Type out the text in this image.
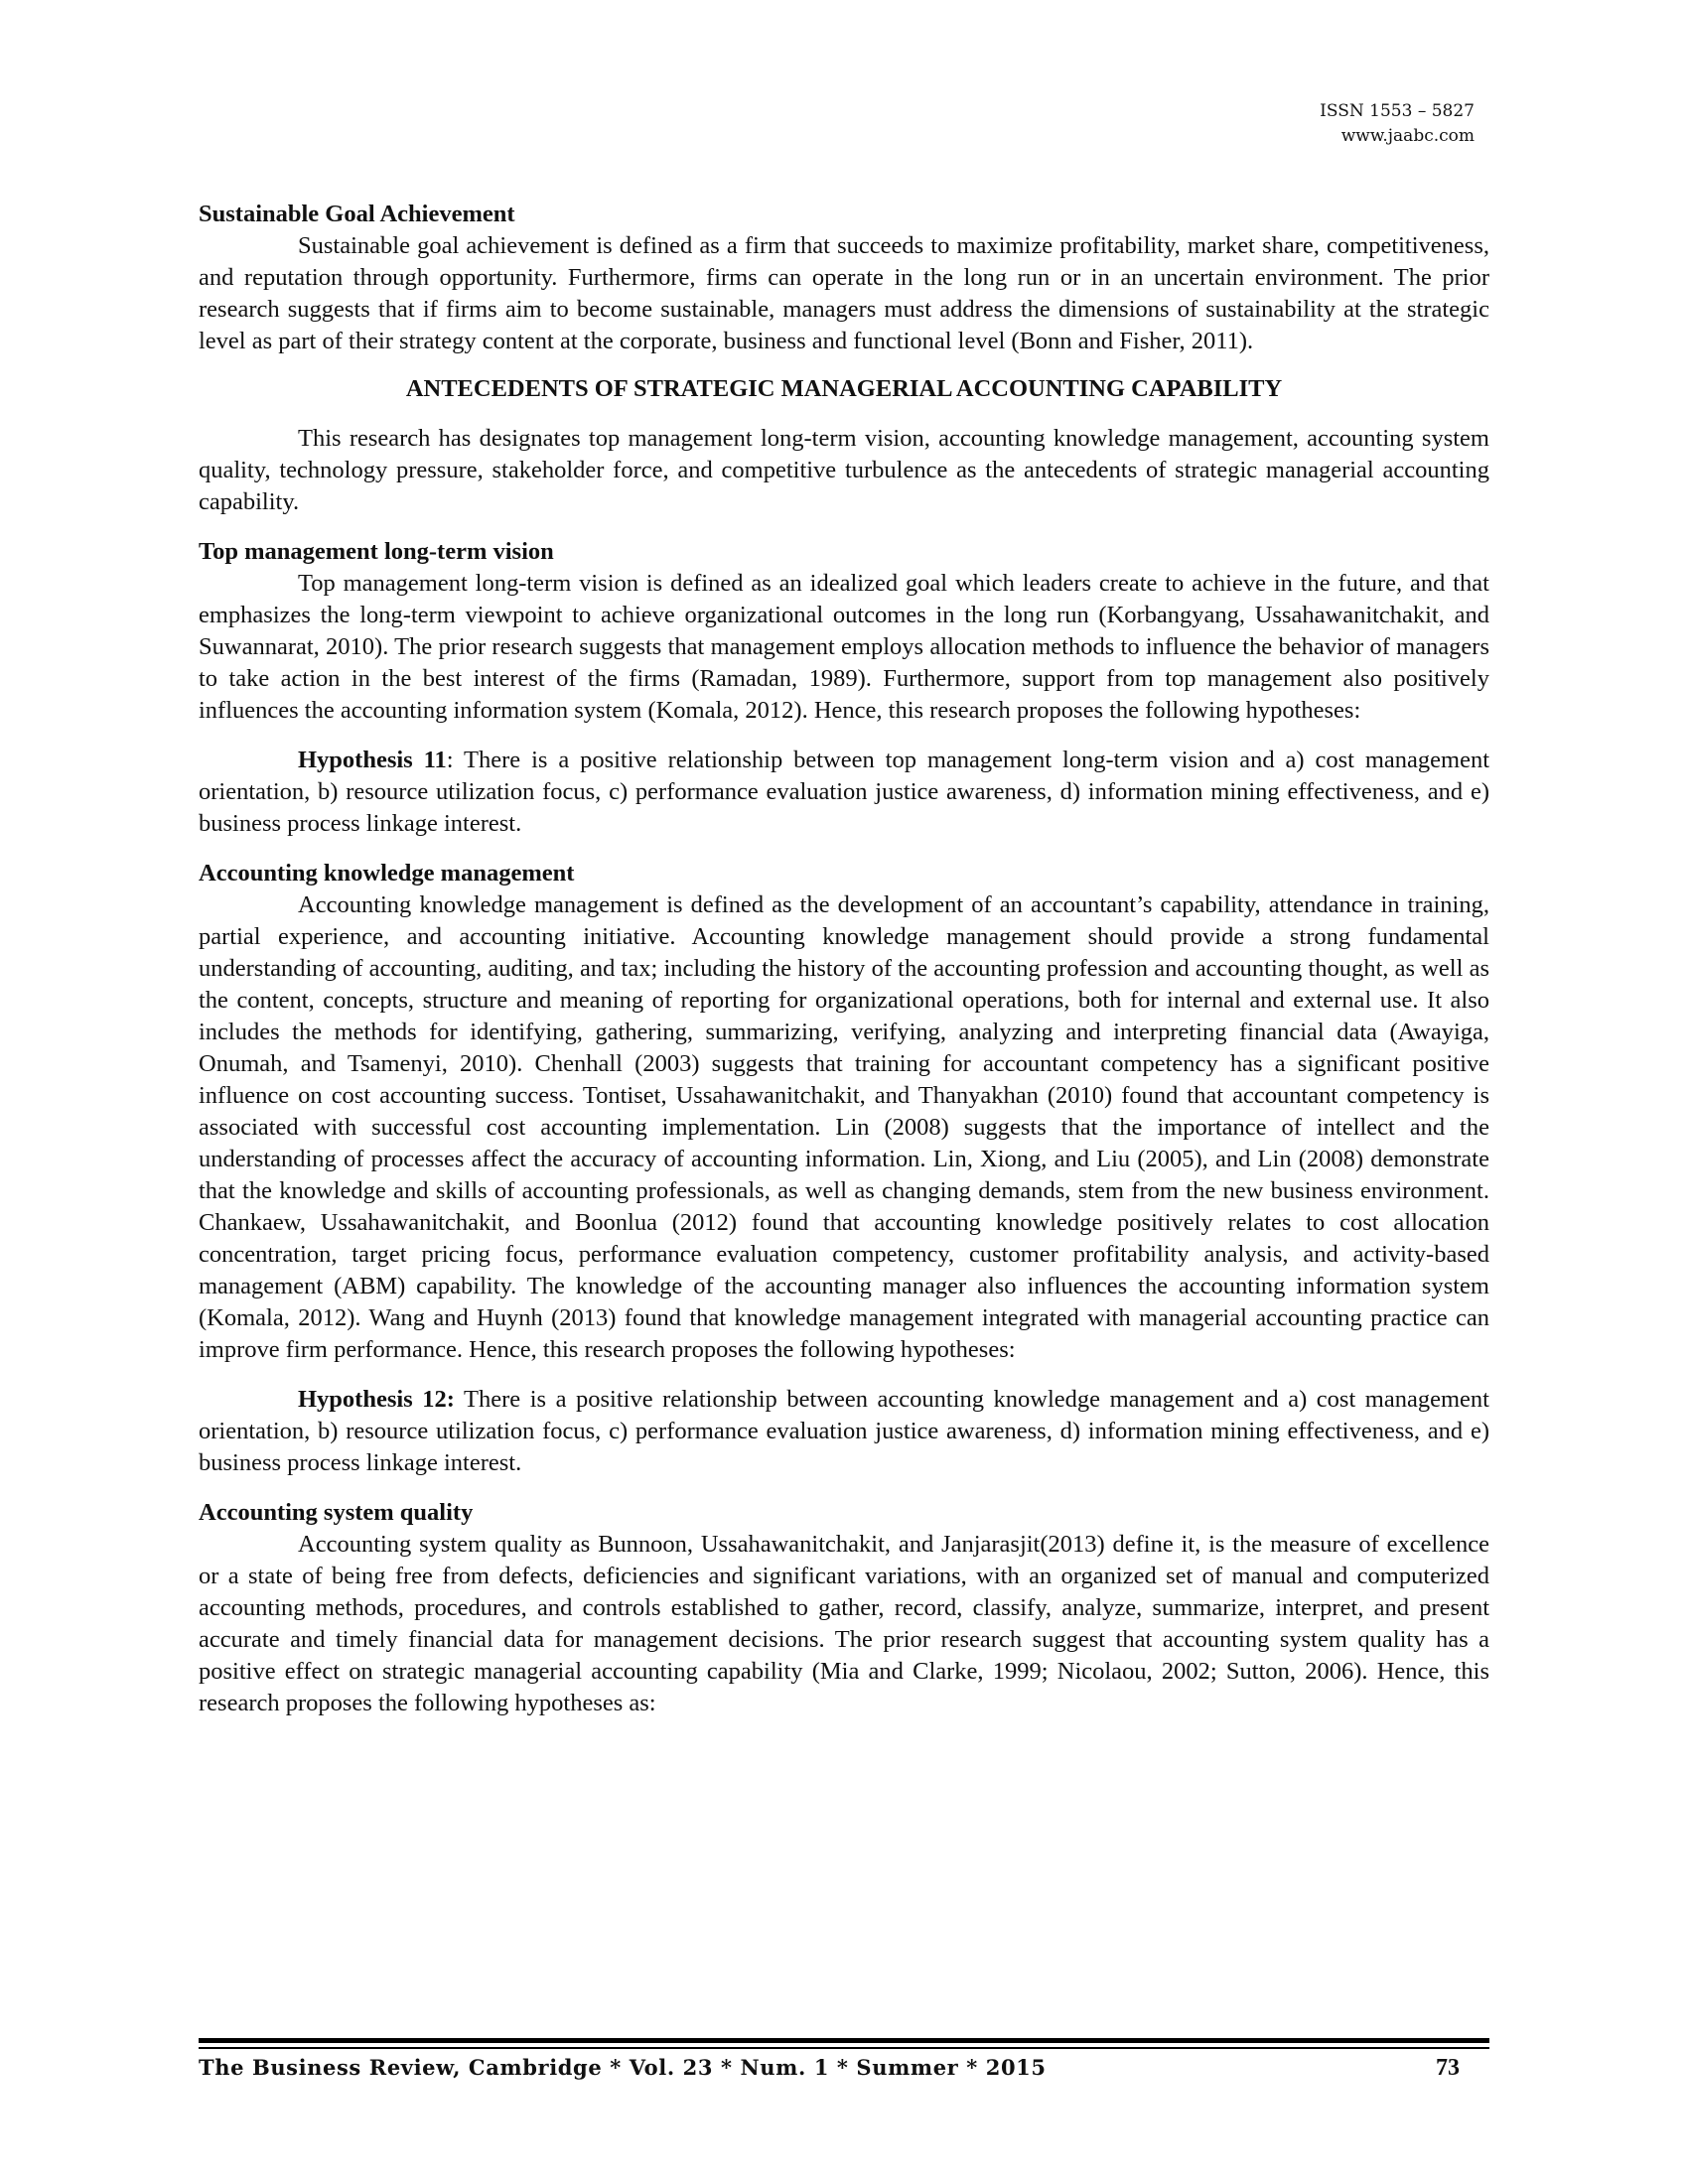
ISSN 1553 – 5827
www.jaabc.com

Sustainable Goal Achievement

Sustainable goal achievement is defined as a firm that succeeds to maximize profitability, market share, competitiveness, and reputation through opportunity. Furthermore, firms can operate in the long run or in an uncertain environment. The prior research suggests that if firms aim to become sustainable, managers must address the dimensions of sustainability at the strategic level as part of their strategy content at the corporate, business and functional level (Bonn and Fisher, 2011).

ANTECEDENTS OF STRATEGIC MANAGERIAL ACCOUNTING CAPABILITY

This research has designates top management long-term vision, accounting knowledge management, accounting system quality, technology pressure, stakeholder force, and competitive turbulence as the antecedents of strategic managerial accounting capability.

Top management long-term vision

Top management long-term vision is defined as an idealized goal which leaders create to achieve in the future, and that emphasizes the long-term viewpoint to achieve organizational outcomes in the long run (Korbangyang, Ussahawanitchakit, and Suwannarat, 2010). The prior research suggests that management employs allocation methods to influence the behavior of managers to take action in the best interest of the firms (Ramadan, 1989). Furthermore, support from top management also positively influences the accounting information system (Komala, 2012). Hence, this research proposes the following hypotheses:

Hypothesis 11: There is a positive relationship between top management long-term vision and a) cost management orientation, b) resource utilization focus, c) performance evaluation justice awareness, d) information mining effectiveness, and e) business process linkage interest.

Accounting knowledge management

Accounting knowledge management is defined as the development of an accountant’s capability, attendance in training, partial experience, and accounting initiative. Accounting knowledge management should provide a strong fundamental understanding of accounting, auditing, and tax; including the history of the accounting profession and accounting thought, as well as the content, concepts, structure and meaning of reporting for organizational operations, both for internal and external use. It also includes the methods for identifying, gathering, summarizing, verifying, analyzing and interpreting financial data (Awayiga, Onumah, and Tsamenyi, 2010). Chenhall (2003) suggests that training for accountant competency has a significant positive influence on cost accounting success. Tontiset, Ussahawanitchakit, and Thanyakhan (2010) found that accountant competency is associated with successful cost accounting implementation. Lin (2008) suggests that the importance of intellect and the understanding of processes affect the accuracy of accounting information. Lin, Xiong, and Liu (2005), and Lin (2008) demonstrate that the knowledge and skills of accounting professionals, as well as changing demands, stem from the new business environment. Chankaew, Ussahawanitchakit, and Boonlua (2012) found that accounting knowledge positively relates to cost allocation concentration, target pricing focus, performance evaluation competency, customer profitability analysis, and activity-based management (ABM) capability. The knowledge of the accounting manager also influences the accounting information system (Komala, 2012). Wang and Huynh (2013) found that knowledge management integrated with managerial accounting practice can improve firm performance. Hence, this research proposes the following hypotheses:

Hypothesis 12: There is a positive relationship between accounting knowledge management and a) cost management orientation, b) resource utilization focus, c) performance evaluation justice awareness, d) information mining effectiveness, and e) business process linkage interest.

Accounting system quality

Accounting system quality as Bunnoon, Ussahawanitchakit, and Janjarasjit(2013) define it, is the measure of excellence or a state of being free from defects, deficiencies and significant variations, with an organized set of manual and computerized accounting methods, procedures, and controls established to gather, record, classify, analyze, summarize, interpret, and present accurate and timely financial data for management decisions. The prior research suggest that accounting system quality has a positive effect on strategic managerial accounting capability (Mia and Clarke, 1999; Nicolaou, 2002; Sutton, 2006). Hence, this research proposes the following hypotheses as:

The Business Review, Cambridge * Vol. 23 * Num. 1 * Summer * 2015	73
